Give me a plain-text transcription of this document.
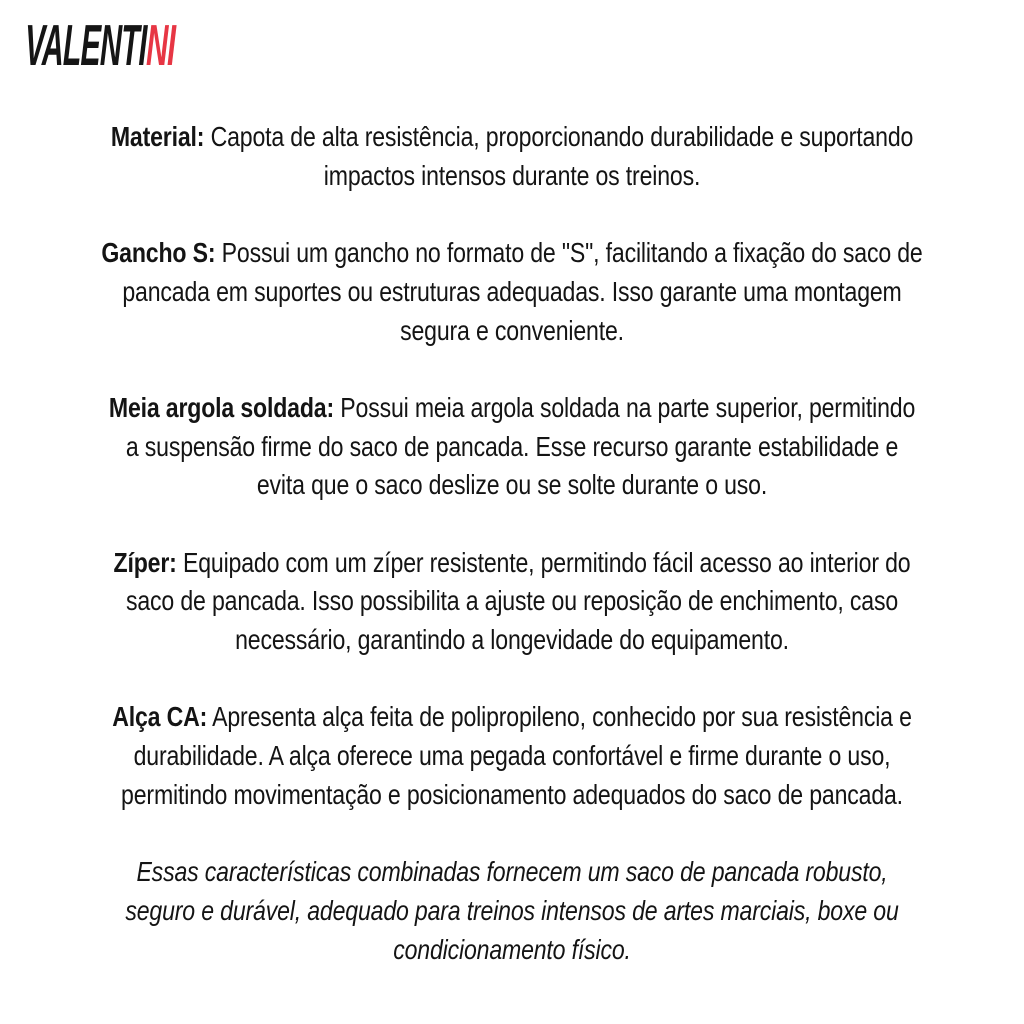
VALENTINI

Material: Capota de alta resistência, proporcionando durabilidade e suportando
impactos intensos durante os treinos.

Gancho S: Possui um gancho no formato de "S", facilitando a fixação do saco de
pancada em suportes ou estruturas adequadas. Isso garante uma montagem
segura e conveniente.

Meia argola soldada: Possui meia argola soldada na parte superior, permitindo
a suspensão firme do saco de pancada. Esse recurso garante estabilidade e
evita que o saco deslize ou se solte durante o uso.

Zíper: Equipado com um zíper resistente, permitindo fácil acesso ao interior do
saco de pancada. Isso possibilita a ajuste ou reposição de enchimento, caso
necessário, garantindo a longevidade do equipamento.

Alça CA: Apresenta alça feita de polipropileno, conhecido por sua resistência e
durabilidade. A alça oferece uma pegada confortável e firme durante o uso,
permitindo movimentação e posicionamento adequados do saco de pancada.

Essas características combinadas fornecem um saco de pancada robusto,
seguro e durável, adequado para treinos intensos de artes marciais, boxe ou
condicionamento físico.
